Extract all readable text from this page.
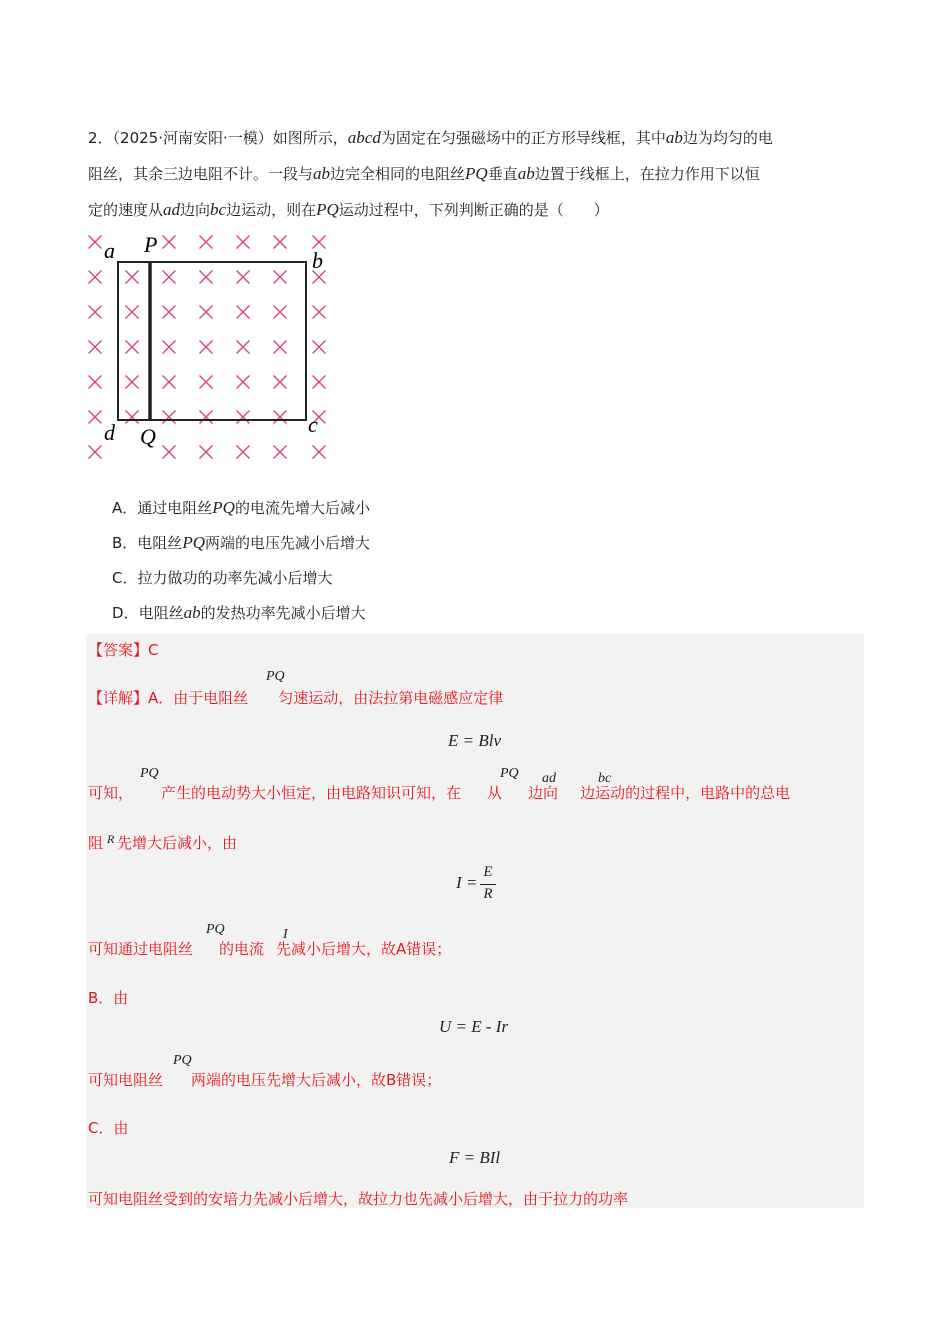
2．（2025·河南安阳·一模）如图所示，abcd为固定在匀强磁场中的正方形导线框，其中ab边为均匀的电
阻丝，其余三边电阻不计。一段与ab边完全相同的电阻丝PQ垂直ab边置于线框上，在拉力作用下以恒
定的速度从ad边向bc边运动，则在PQ运动过程中，下列判断正确的是（　　）
a P
b
d Q	c
A．通过电阻丝PQ的电流先增大后减小
B．电阻丝PQ两端的电压先减小后增大
C．拉力做功的功率先减小后增大
D．电阻丝ab的发热功率先减小后增大
【答案】C
【详解】A．由于电阻丝 匀速运动，由法拉第电磁感应定律
PQ
E = Blv
可知， 产生的电动势大小恒定，由电路知识可知，在 从 边向 边运动的过程中，电路中的总电
PQ	PQ ad	bc
阻 先增大后减小，由
R
I =
E
R
可知通过电阻丝 的电流 先减小后增大，故A错误；
PQ	I
B．由
U = E - Ir
可知电阻丝 两端的电压先增大后减小，故B错误；
PQ
C．由
F = BIl
可知电阻丝受到的安培力先减小后增大，故拉力也先减小后增大，由于拉力的功率
